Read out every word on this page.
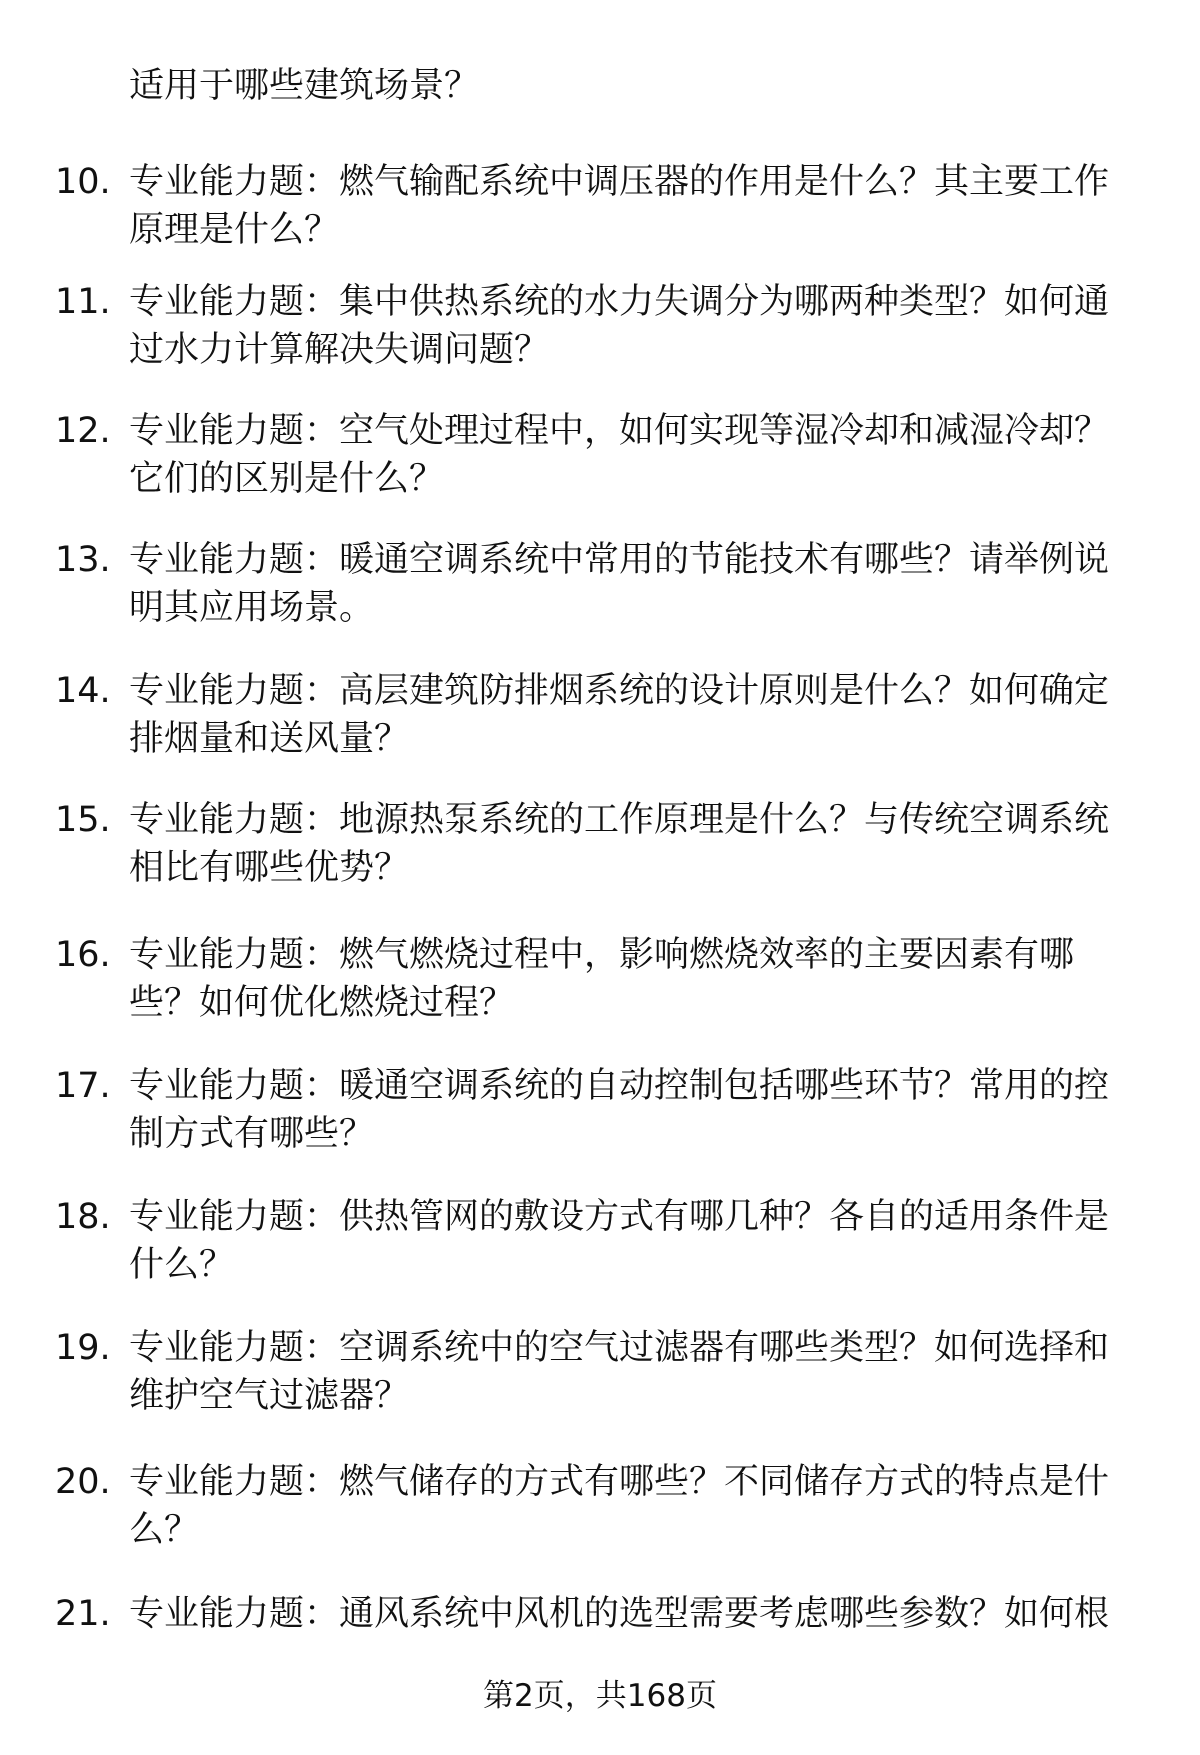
适用于哪些建筑场景？
10. 专业能力题：燃气输配系统中调压器的作用是什么？其主要工作
原理是什么？
11. 专业能力题：集中供热系统的水力失调分为哪两种类型？如何通
过水力计算解决失调问题？
12. 专业能力题：空气处理过程中，如何实现等湿冷却和减湿冷却？
它们的区别是什么？
13. 专业能力题：暖通空调系统中常用的节能技术有哪些？请举例说
明其应用场景。
14. 专业能力题：高层建筑防排烟系统的设计原则是什么？如何确定
排烟量和送风量？
15. 专业能力题：地源热泵系统的工作原理是什么？与传统空调系统
相比有哪些优势？
16. 专业能力题：燃气燃烧过程中，影响燃烧效率的主要因素有哪
些？如何优化燃烧过程？
17. 专业能力题：暖通空调系统的自动控制包括哪些环节？常用的控
制方式有哪些？
18. 专业能力题：供热管网的敷设方式有哪几种？各自的适用条件是
什么？
19. 专业能力题：空调系统中的空气过滤器有哪些类型？如何选择和
维护空气过滤器？
20. 专业能力题：燃气储存的方式有哪些？不同储存方式的特点是什
么？
21. 专业能力题：通风系统中风机的选型需要考虑哪些参数？如何根
第2页，共168页
